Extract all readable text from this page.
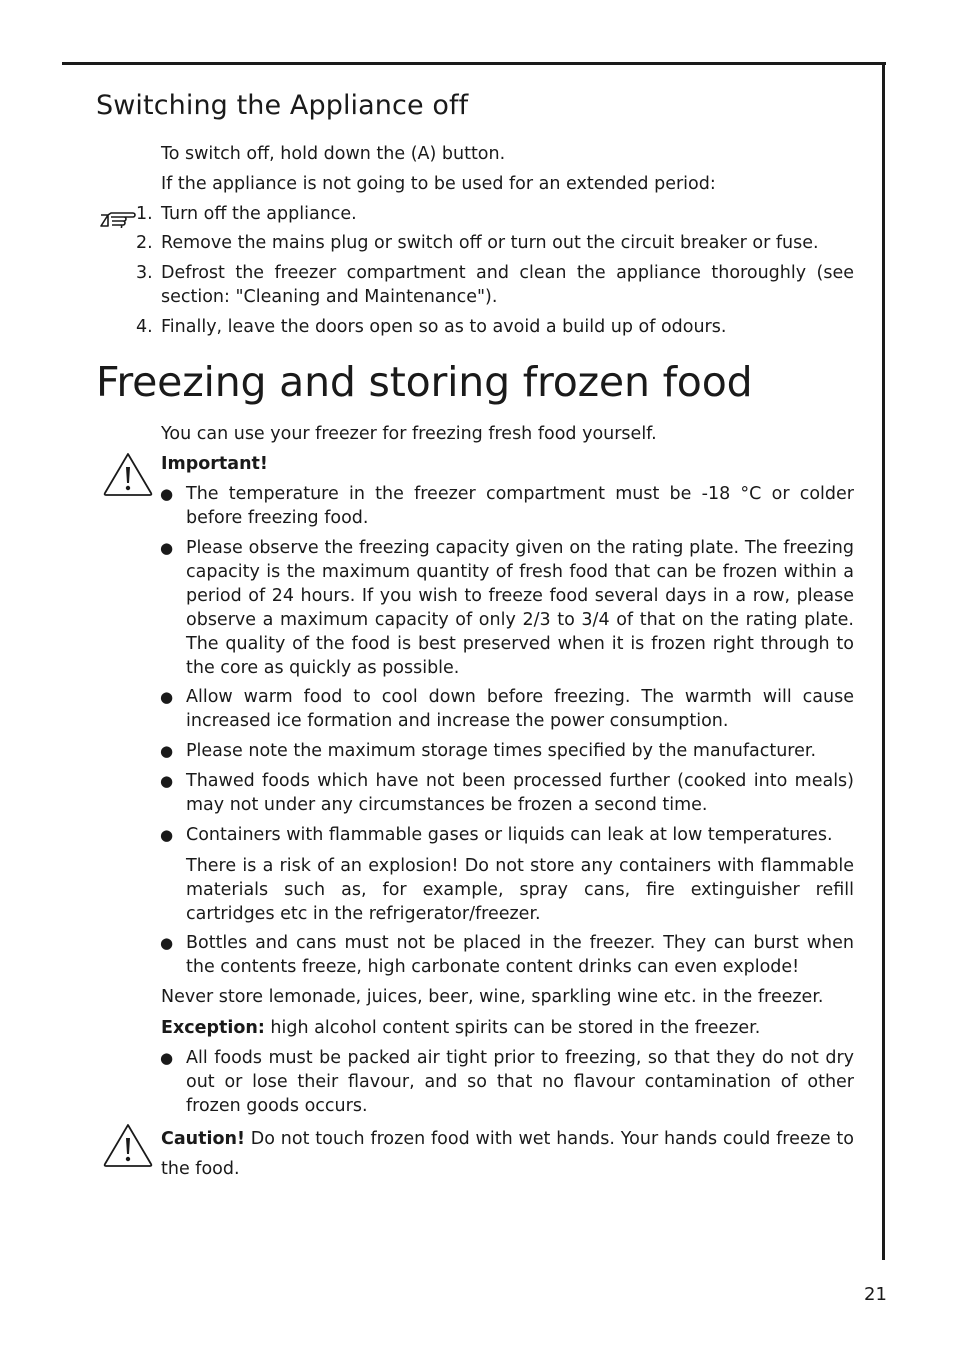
Switching the Appliance off

To switch off, hold down the (A) button.

If the appliance is not going to be used for an extended period:

1. Turn off the appliance.
2. Remove the mains plug or switch off or turn out the circuit breaker or fuse.
3. Defrost the freezer compartment and clean the appliance thoroughly (see section: "Cleaning and Maintenance").
4. Finally, leave the doors open so as to avoid a build up of odours.
Freezing and storing frozen food

You can use your freezer for freezing fresh food yourself.

Important!

● The temperature in the freezer compartment must be -18 °C or colder before freezing food.
● Please observe the freezing capacity given on the rating plate. The freezing capacity is the maximum quantity of fresh food that can be frozen within a period of 24 hours. If you wish to freeze food several days in a row, please observe a maximum capacity of only 2/3 to 3/4 of that on the rating plate. The quality of the food is best preserved when it is frozen right through to the core as quickly as possible.
● Allow warm food to cool down before freezing. The warmth will cause increased ice formation and increase the power consumption.
● Please note the maximum storage times specified by the manufacturer.
● Thawed foods which have not been processed further (cooked into meals) may not under any circumstances be frozen a second time.
● Containers with flammable gases or liquids can leak at low temperatures.
There is a risk of an explosion! Do not store any containers with flammable materials such as, for example, spray cans, fire extinguisher refill cartridges etc in the refrigerator/freezer.
● Bottles and cans must not be placed in the freezer. They can burst when the contents freeze, high carbonate content drinks can even explode!

Never store lemonade, juices, beer, wine, sparkling wine etc. in the freezer.

Exception: high alcohol content spirits can be stored in the freezer.

● All foods must be packed air tight prior to freezing, so that they do not dry out or lose their flavour, and so that no flavour contamination of other frozen goods occurs.

Caution! Do not touch frozen food with wet hands. Your hands could freeze to the food.

21
